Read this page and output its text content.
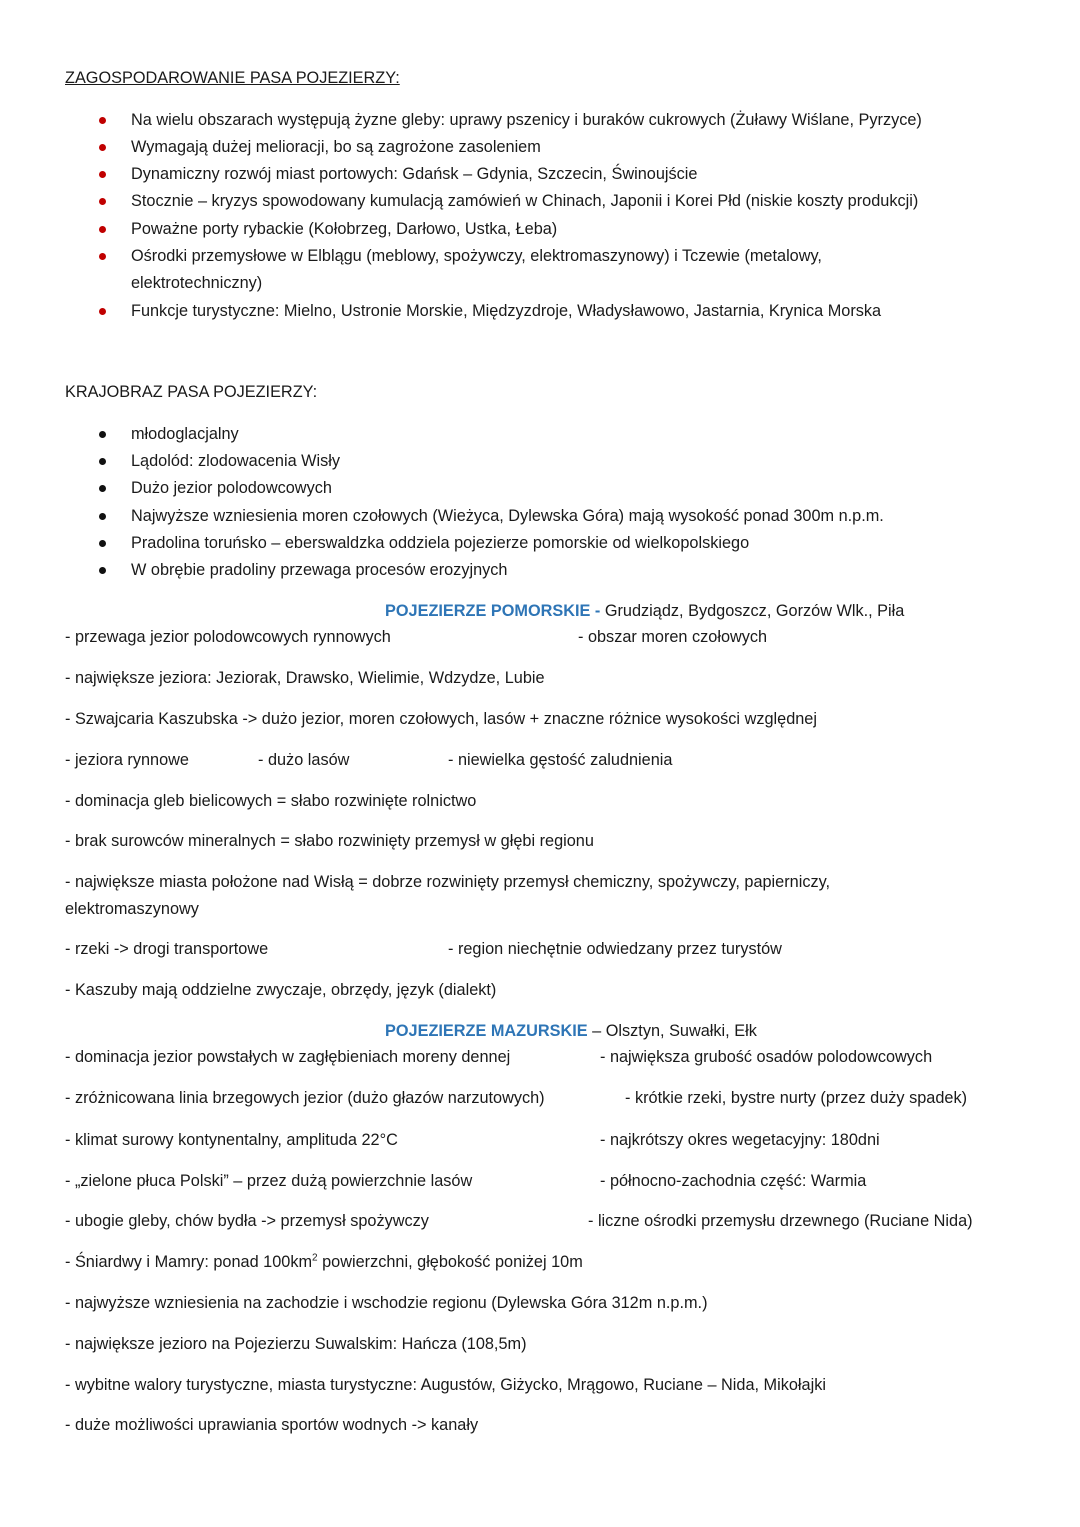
ZAGOSPODAROWANIE PASA POJEZIERZY:
Na wielu obszarach występują żyzne gleby: uprawy pszenicy i buraków cukrowych (Żuławy Wiślane, Pyrzyce)
Wymagają dużej melioracji, bo są zagrożone zasoleniem
Dynamiczny rozwój miast portowych: Gdańsk – Gdynia, Szczecin, Świnoujście
Stocznie – kryzys spowodowany kumulacją zamówień w Chinach, Japonii i Korei Płd (niskie koszty produkcji)
Poważne porty rybackie (Kołobrzeg, Darłowo, Ustka, Łeba)
Ośrodki przemysłowe w Elblągu (meblowy, spożywczy, elektromaszynowy) i Tczewie (metalowy,
elektrotechniczny)
Funkcje turystyczne: Mielno, Ustronie Morskie, Międzyzdroje, Władysławowo, Jastarnia, Krynica Morska
KRAJOBRAZ PASA POJEZIERZY:
młodoglacjalny
Lądolód: zlodowacenia Wisły
Dużo jezior polodowcowych
Najwyższe wzniesienia moren czołowych (Wieżyca, Dylewska Góra) mają wysokość ponad 300m n.p.m.
Pradolina toruńsko – eberswaldzka oddziela pojezierze pomorskie od wielkopolskiego
W obrębie pradoliny przewaga procesów erozyjnych
POJEZIERZE POMORSKIE - Grudziądz, Bydgoszcz, Gorzów Wlk., Piła
- przewaga jezior polodowcowych rynnowych	- obszar moren czołowych
- największe jeziora: Jeziorak, Drawsko, Wielimie, Wdzydze, Lubie
- Szwajcaria Kaszubska -> dużo jezior, moren czołowych, lasów + znaczne różnice wysokości względnej
- jeziora rynnowe	- dużo lasów	- niewielka gęstość zaludnienia
- dominacja gleb bielicowych = słabo rozwinięte rolnictwo
- brak surowców mineralnych = słabo rozwinięty przemysł w głębi regionu
- największe miasta położone nad Wisłą = dobrze rozwinięty przemysł chemiczny, spożywczy, papierniczy,
elektromaszynowy
- rzeki -> drogi transportowe	- region niechętnie odwiedzany przez turystów
- Kaszuby mają oddzielne zwyczaje, obrzędy, język (dialekt)
POJEZIERZE MAZURSKIE – Olsztyn, Suwałki, Ełk
- dominacja jezior powstałych w zagłębieniach moreny dennej	- największa grubość osadów polodowcowych
- zróżnicowana linia brzegowych jezior (dużo głazów narzutowych)	- krótkie rzeki, bystre nurty (przez duży spadek)
- klimat surowy kontynentalny, amplituda 22°C	- najkrótszy okres wegetacyjny: 180dni
- „zielone płuca Polski” – przez dużą powierzchnie lasów	- północno-zachodnia część: Warmia
- ubogie gleby, chów bydła -> przemysł spożywczy	- liczne ośrodki przemysłu drzewnego (Ruciane Nida)
- Śniardwy i Mamry: ponad $100km^2$ powierzchni, głębokość poniżej 10m
- najwyższe wzniesienia na zachodzie i wschodzie regionu (Dylewska Góra 312m n.p.m.)
- największe jezioro na Pojezierzu Suwalskim: Hańcza (108,5m)
- wybitne walory turystyczne, miasta turystyczne: Augustów, Giżycko, Mrągowo, Ruciane – Nida, Mikołajki
- duże możliwości uprawiania sportów wodnych -> kanały
